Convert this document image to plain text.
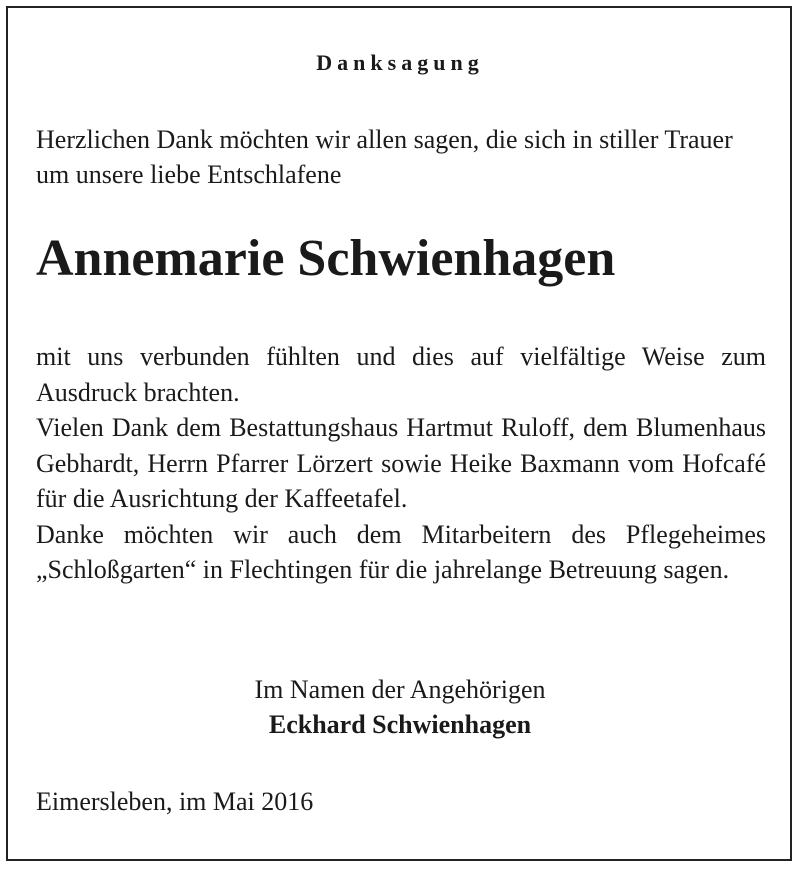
Danksagung
Herzlichen Dank möchten wir allen sagen, die sich in stiller Trauer um unsere liebe Entschlafene
Annemarie Schwienhagen

mit uns verbunden fühlten und dies auf vielfältige Weise zum Ausdruck brachten.

Vielen Dank dem Bestattungshaus Hartmut Ruloff, dem Blumenhaus Gebhardt, Herrn Pfarrer Lörzert sowie Heike Baxmann vom Hofcafé für die Ausrichtung der Kaffeetafel.

Danke möchten wir auch dem Mitarbeitern des Pflegeheimes „Schloßgarten“ in Flechtingen für die jahrelange Betreuung sagen.

Im Namen der Angehörigen
Eckhard Schwienhagen
Eimersleben, im Mai 2016
